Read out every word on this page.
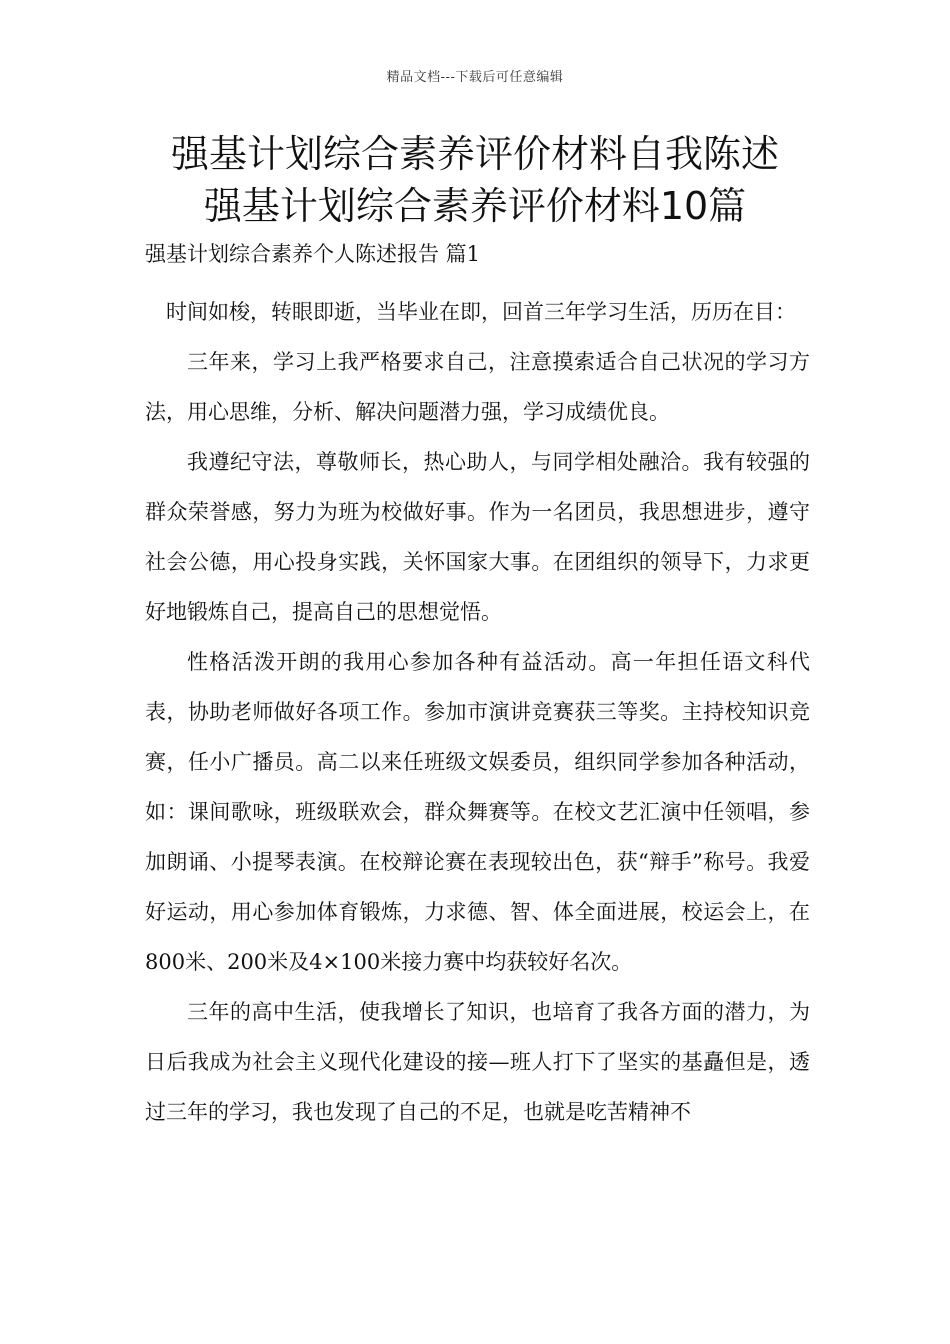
精品文档---下载后可任意编辑
强基计划综合素养评价材料自我陈述
强基计划综合素养评价材料10篇

强基计划综合素养个人陈述报告 篇1

时间如梭，转眼即逝，当毕业在即，回首三年学习生活，历历在目：

三年来，学习上我严格要求自己，注意摸索适合自己状况的学习方法，用心思维，分析、解决问题潜力强，学习成绩优良。

我遵纪守法，尊敬师长，热心助人，与同学相处融洽。我有较强的群众荣誉感，努力为班为校做好事。作为一名团员，我思想进步，遵守社会公德，用心投身实践，关怀国家大事。在团组织的领导下，力求更好地锻炼自己，提高自己的思想觉悟。

性格活泼开朗的我用心参加各种有益活动。高一年担任语文科代表，协助老师做好各项工作。参加市演讲竞赛获三等奖。主持校知识竞赛，任小广播员。高二以来任班级文娱委员，组织同学参加各种活动，如：课间歌咏，班级联欢会，群众舞赛等。在校文艺汇演中任领唱，参加朗诵、小提琴表演。在校辩论赛在表现较出色，获“辩手”称号。我爱好运动，用心参加体育锻炼，力求德、智、体全面进展，校运会上，在800米、200米及4×100米接力赛中均获较好名次。

三年的高中生活，使我增长了知识，也培育了我各方面的潜力，为日后我成为社会主义现代化建设的接—班人打下了坚实的基矗但是，透过三年的学习，我也发现了自己的不足，也就是吃苦精神不
